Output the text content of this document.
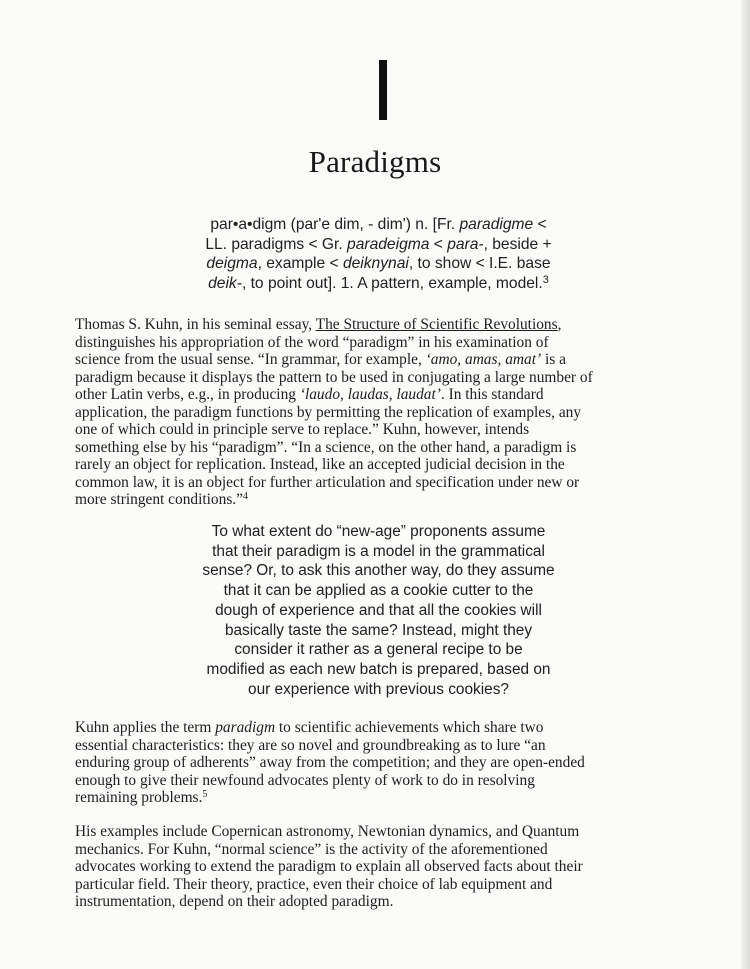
Paradigms
par•a•digm (par'e dim, - dim') n. [Fr. paradigme <
LL. paradigms < Gr. paradeigma < para-, beside +
deigma, example < deiknynai, to show < I.E. base
deik-, to point out]. 1. A pattern, example, model.$^3$
Thomas S. Kuhn, in his seminal essay, The Structure of Scientific Revolutions,
distinguishes his appropriation of the word “paradigm” in his examination of
science from the usual sense. “In grammar, for example, ‘amo, amas, amat’ is a
paradigm because it displays the pattern to be used in conjugating a large number of
other Latin verbs, e.g., in producing ‘laudo, laudas, laudat’. In this standard
application, the paradigm functions by permitting the replication of examples, any
one of which could in principle serve to replace.” Kuhn, however, intends
something else by his “paradigm”. “In a science, on the other hand, a paradigm is
rarely an object for replication. Instead, like an accepted judicial decision in the
common law, it is an object for further articulation and specification under new or
more stringent conditions.”$^4$
To what extent do “new-age” proponents assume
that their paradigm is a model in the grammatical
sense? Or, to ask this another way, do they assume
that it can be applied as a cookie cutter to the
dough of experience and that all the cookies will
basically taste the same? Instead, might they
consider it rather as a general recipe to be
modified as each new batch is prepared, based on
our experience with previous cookies?
Kuhn applies the term paradigm to scientific achievements which share two
essential characteristics: they are so novel and groundbreaking as to lure “an
enduring group of adherents” away from the competition; and they are open-ended
enough to give their newfound advocates plenty of work to do in resolving
remaining problems.$^5$
His examples include Copernican astronomy, Newtonian dynamics, and Quantum
mechanics. For Kuhn, “normal science” is the activity of the aforementioned
advocates working to extend the paradigm to explain all observed facts about their
particular field. Their theory, practice, even their choice of lab equipment and
instrumentation, depend on their adopted paradigm.
